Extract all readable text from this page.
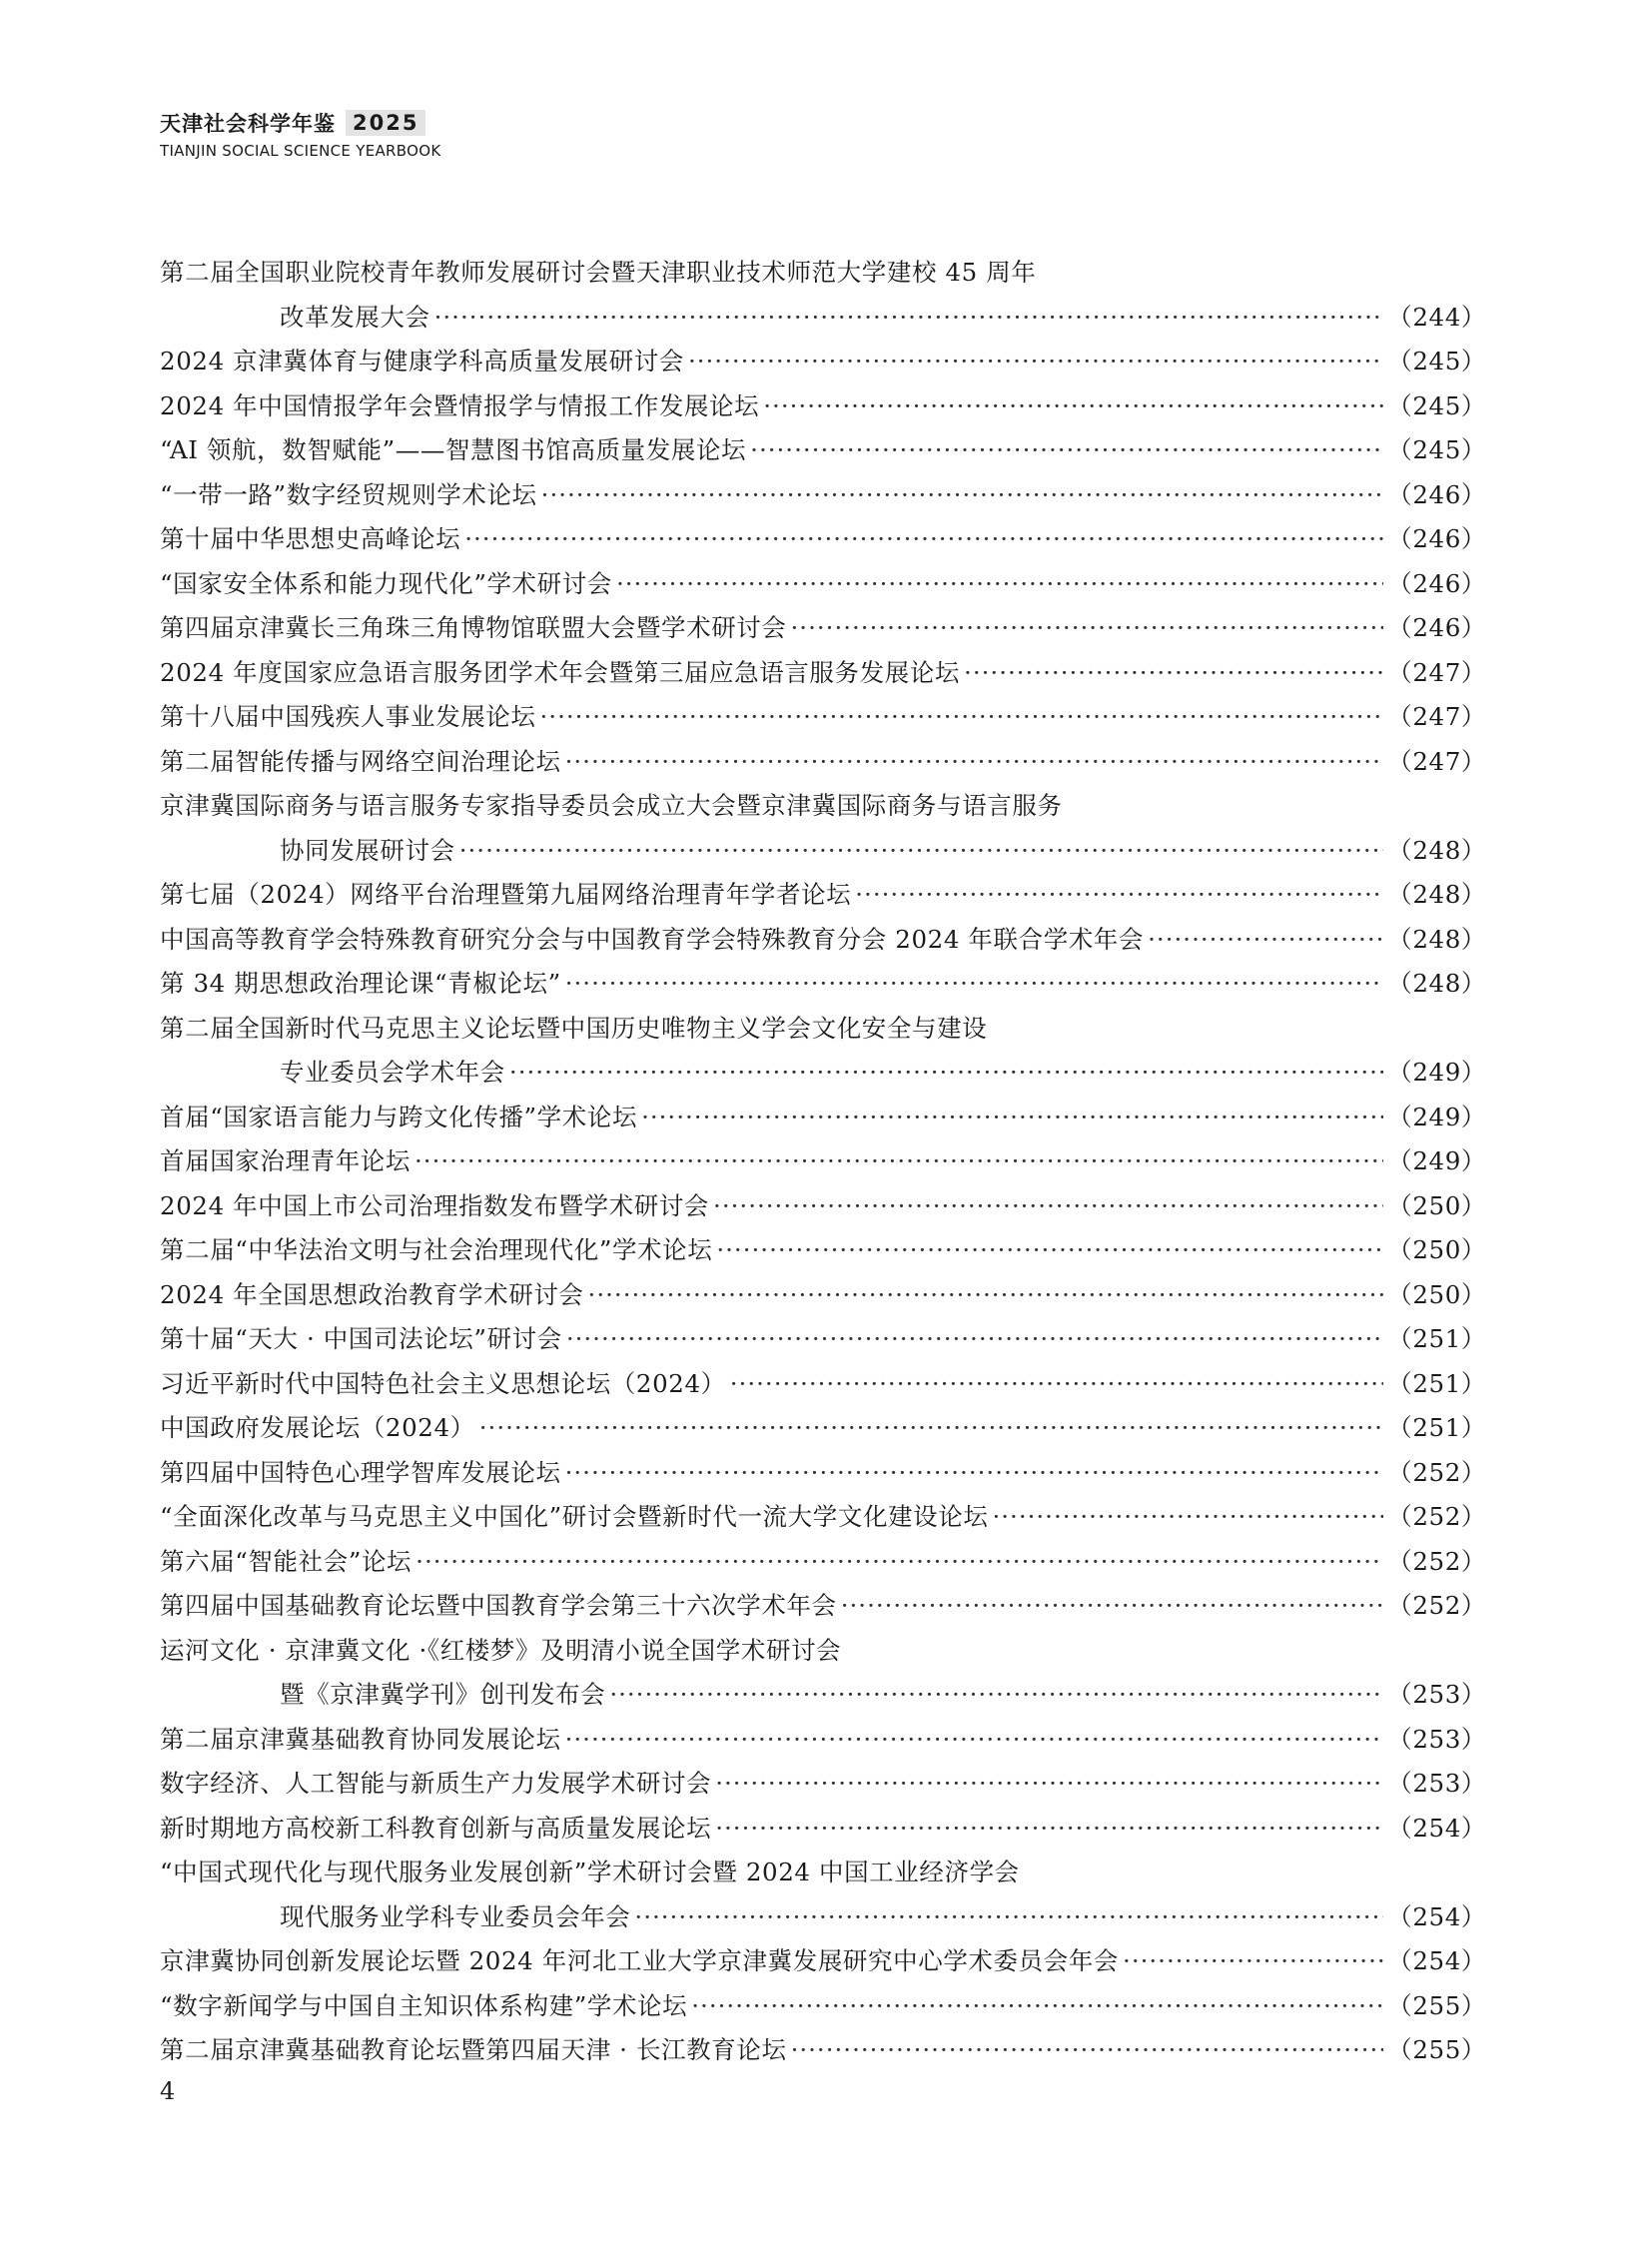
天津社会科学年鉴 2025
TIANJIN SOCIAL SCIENCE YEARBOOK
第二届全国职业院校青年教师发展研讨会暨天津职业技术师范大学建校 45 周年
改革发展大会 ·····	（244）
2024 京津冀体育与健康学科高质量发展研讨会 ·····	（245）
2024 年中国情报学年会暨情报学与情报工作发展论坛 ·····	（245）
“AI 领航，数智赋能”——智慧图书馆高质量发展论坛 ·····	（245）
“一带一路”数字经贸规则学术论坛 ·····	（246）
第十届中华思想史高峰论坛 ·····	（246）
“国家安全体系和能力现代化”学术研讨会 ·····	（246）
第四届京津冀长三角珠三角博物馆联盟大会暨学术研讨会 ·····	（246）
2024 年度国家应急语言服务团学术年会暨第三届应急语言服务发展论坛 ·····	（247）
第十八届中国残疾人事业发展论坛 ·····	（247）
第二届智能传播与网络空间治理论坛 ·····	（247）
京津冀国际商务与语言服务专家指导委员会成立大会暨京津冀国际商务与语言服务
协同发展研讨会 ·····	（248）
第七届（2024）网络平台治理暨第九届网络治理青年学者论坛 ·····	（248）
中国高等教育学会特殊教育研究分会与中国教育学会特殊教育分会 2024 年联合学术年会 ·····	（248）
第 34 期思想政治理论课“青椒论坛” ·····	（248）
第二届全国新时代马克思主义论坛暨中国历史唯物主义学会文化安全与建设
专业委员会学术年会 ·····	（249）
首届“国家语言能力与跨文化传播”学术论坛 ·····	（249）
首届国家治理青年论坛 ·····	（249）
2024 年中国上市公司治理指数发布暨学术研讨会 ·····	（250）
第二届“中华法治文明与社会治理现代化”学术论坛 ·····	（250）
2024 年全国思想政治教育学术研讨会 ·····	（250）
第十届“天大 · 中国司法论坛”研讨会 ·····	（251）
习近平新时代中国特色社会主义思想论坛（2024） ·····	（251）
中国政府发展论坛（2024） ·····	（251）
第四届中国特色心理学智库发展论坛 ·····	（252）
“全面深化改革与马克思主义中国化”研讨会暨新时代一流大学文化建设论坛 ·····	（252）
第六届“智能社会”论坛 ·····	（252）
第四届中国基础教育论坛暨中国教育学会第三十六次学术年会 ·····	（252）
运河文化 · 京津冀文化 ·《红楼梦》及明清小说全国学术研讨会
暨《京津冀学刊》创刊发布会 ·····	（253）
第二届京津冀基础教育协同发展论坛 ·····	（253）
数字经济、人工智能与新质生产力发展学术研讨会 ·····	（253）
新时期地方高校新工科教育创新与高质量发展论坛 ·····	（254）
“中国式现代化与现代服务业发展创新”学术研讨会暨 2024 中国工业经济学会
现代服务业学科专业委员会年会 ·····	（254）
京津冀协同创新发展论坛暨 2024 年河北工业大学京津冀发展研究中心学术委员会年会 ·····	（254）
“数字新闻学与中国自主知识体系构建”学术论坛 ·····	（255）
第二届京津冀基础教育论坛暨第四届天津 · 长江教育论坛 ·····	（255）
4
